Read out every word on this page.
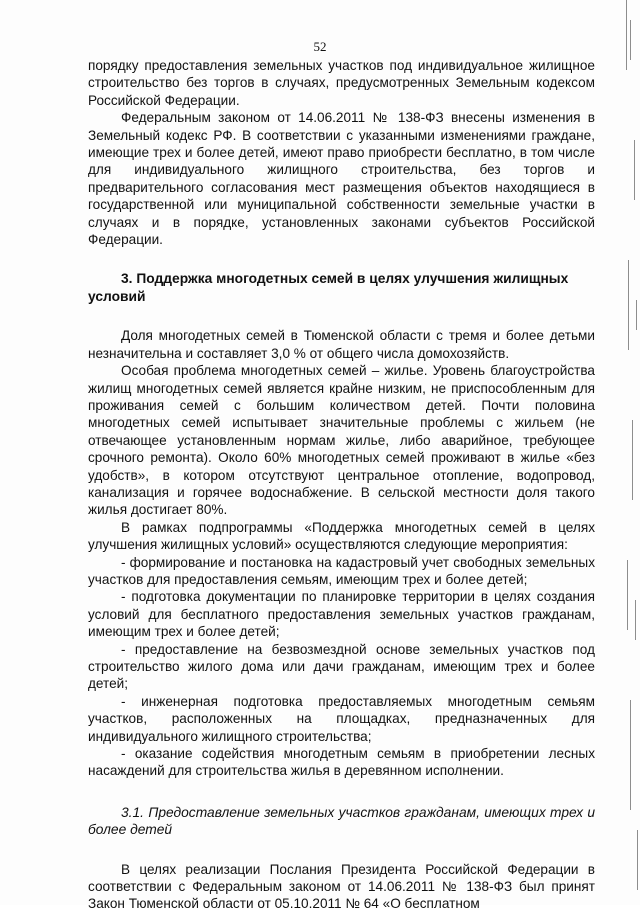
52

порядку предоставления земельных участков под индивидуальное жилищное строительство без торгов в случаях, предусмотренных Земельным кодексом Российской Федерации.

Федеральным законом от 14.06.2011 № 138-ФЗ внесены изменения в Земельный кодекс РФ. В соответствии с указанными изменениями граждане, имеющие трех и более детей, имеют право приобрести бесплатно, в том числе для индивидуального жилищного строительства, без торгов и предварительного согласования мест размещения объектов находящиеся в государственной или муниципальной собственности земельные участки в случаях и в порядке, установленных законами субъектов Российской Федерации.

3. Поддержка многодетных семей в целях улучшения жилищных условий

Доля многодетных семей в Тюменской области с тремя и более детьми незначительна и составляет 3,0 % от общего числа домохозяйств.

Особая проблема многодетных семей – жилье. Уровень благоустройства жилищ многодетных семей является крайне низким, не приспособленным для проживания семей с большим количеством детей. Почти половина многодетных семей испытывает значительные проблемы с жильем (не отвечающее установленным нормам жилье, либо аварийное, требующее срочного ремонта). Около 60% многодетных семей проживают в жилье «без удобств», в котором отсутствуют центральное отопление, водопровод, канализация и горячее водоснабжение. В сельской местности доля такого жилья достигает 80%.

В рамках подпрограммы «Поддержка многодетных семей в целях улучшения жилищных условий» осуществляются следующие мероприятия:

- формирование и постановка на кадастровый учет свободных земельных участков для предоставления семьям, имеющим трех и более детей;

- подготовка документации по планировке территории в целях создания условий для бесплатного предоставления земельных участков гражданам, имеющим трех и более детей;

- предоставление на безвозмездной основе земельных участков под строительство жилого дома или дачи гражданам, имеющим трех и более детей;

- инженерная подготовка предоставляемых многодетным семьям участков, расположенных на площадках, предназначенных для индивидуального жилищного строительства;

- оказание содействия многодетным семьям в приобретении лесных насаждений для строительства жилья в деревянном исполнении.

3.1. Предоставление земельных участков гражданам, имеющих трех и более детей

В целях реализации Послания Президента Российской Федерации в соответствии с Федеральным законом от 14.06.2011 № 138-ФЗ был принят Закон Тюменской области от 05.10.2011 № 64 «О бесплатном
